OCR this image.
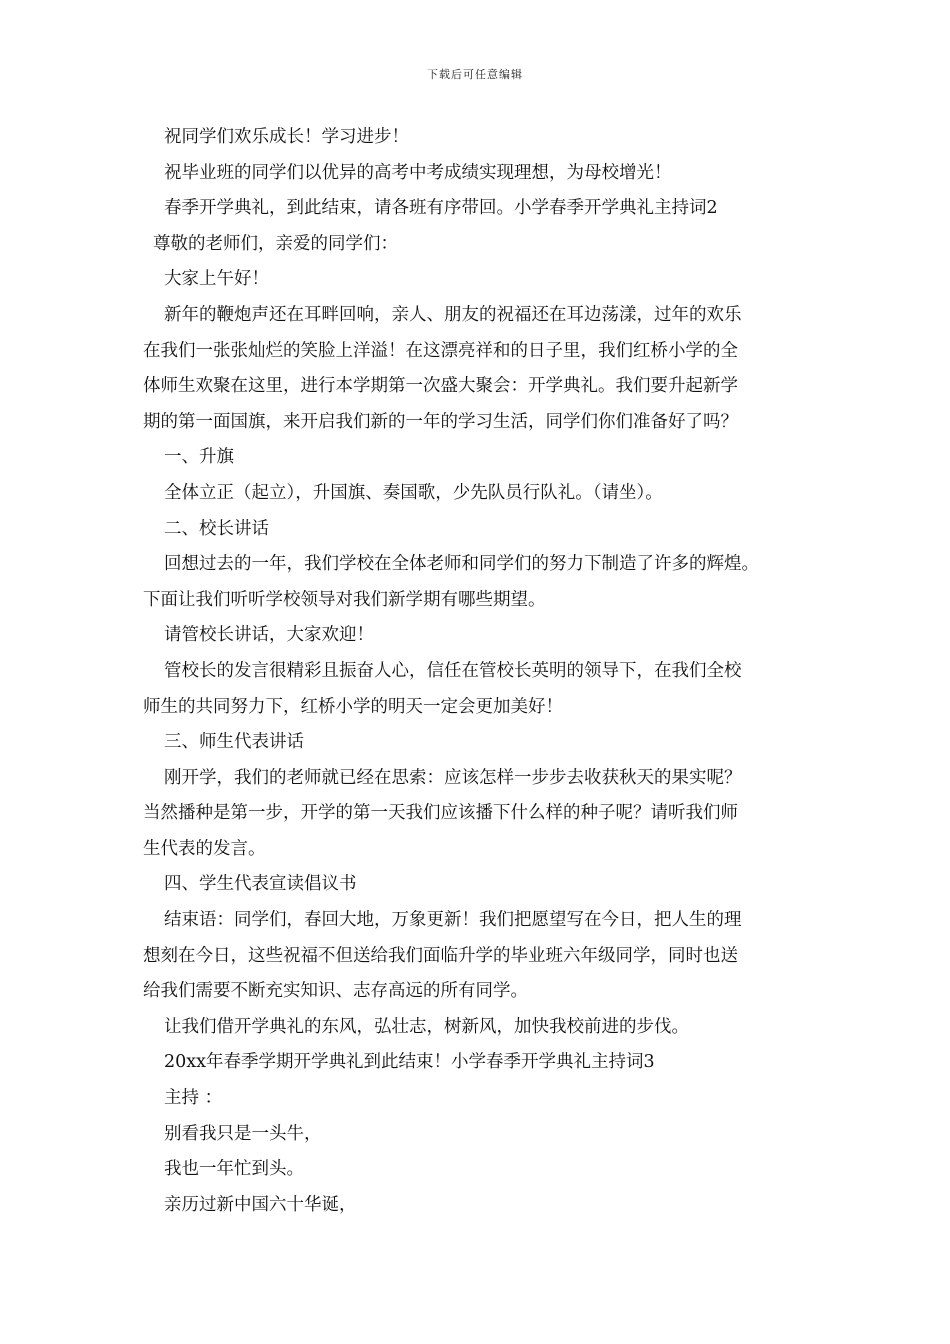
下载后可任意编辑
祝同学们欢乐成长！学习进步！
祝毕业班的同学们以优异的高考中考成绩实现理想，为母校增光！
春季开学典礼，到此结束，请各班有序带回。小学春季开学典礼主持词2
尊敬的老师们，亲爱的同学们：
大家上午好！
新年的鞭炮声还在耳畔回响，亲人、朋友的祝福还在耳边荡漾，过年的欢乐
在我们一张张灿烂的笑脸上洋溢！在这漂亮祥和的日子里，我们红桥小学的全
体师生欢聚在这里，进行本学期第一次盛大聚会：开学典礼。我们要升起新学
期的第一面国旗，来开启我们新的一年的学习生活，同学们你们准备好了吗？
一、升旗
全体立正（起立），升国旗、奏国歌，少先队员行队礼。（请坐）。
二、校长讲话
回想过去的一年，我们学校在全体老师和同学们的努力下制造了许多的辉煌。
下面让我们听听学校领导对我们新学期有哪些期望。
请管校长讲话，大家欢迎！
管校长的发言很精彩且振奋人心，信任在管校长英明的领导下，在我们全校
师生的共同努力下，红桥小学的明天一定会更加美好！
三、师生代表讲话
刚开学，我们的老师就已经在思索：应该怎样一步步去收获秋天的果实呢？
当然播种是第一步，开学的第一天我们应该播下什么样的种子呢？请听我们师
生代表的发言。
四、学生代表宣读倡议书
结束语：同学们，春回大地，万象更新！我们把愿望写在今日，把人生的理
想刻在今日，这些祝福不但送给我们面临升学的毕业班六年级同学，同时也送
给我们需要不断充实知识、志存高远的所有同学。
让我们借开学典礼的东风，弘壮志，树新风，加快我校前进的步伐。
20xx年春季学期开学典礼到此结束！小学春季开学典礼主持词3
主持 ：
别看我只是一头牛，
我也一年忙到头。
亲历过新中国六十华诞，
